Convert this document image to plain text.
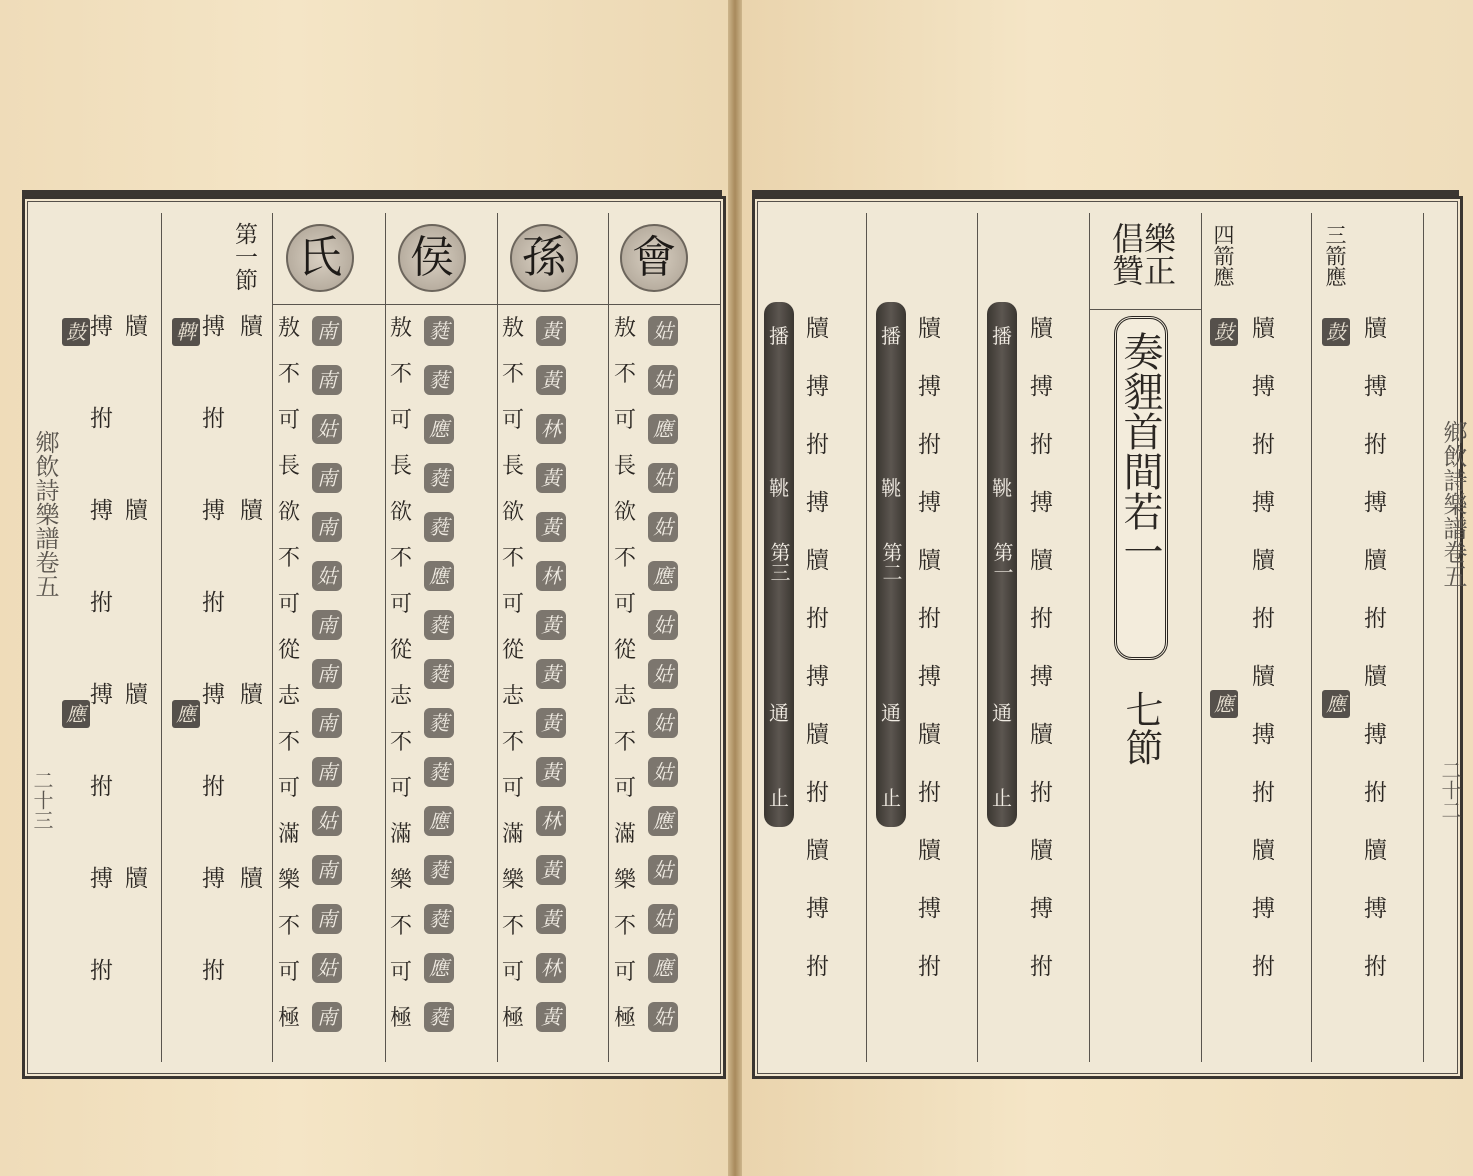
鄉飲詩樂譜卷五
二十三
會
孫
侯
氏
第一節
鼓 搏
拊
搏
拊
搏
拊
搏
拊
牘
牘
牘
牘
應
鞞 搏
拊
搏
拊
搏
拊
搏
拊
牘
牘
牘
牘
應
敖
不
可
長
欲
不
可
從
志
不
可
滿
樂
不
可
極
敖
不
可
長
欲
不
可
從
志
不
可
滿
樂
不
可
極
敖
不
可
長
欲
不
可
從
志
不
可
滿
樂
不
可
極
敖
不
可
長
欲
不
可
從
志
不
可
滿
樂
不
可
極
南
南
姑
南
南
姑
南
南
南
南
姑
南
南
姑
南
蕤
蕤
應
蕤
蕤
應
蕤
蕤
蕤
蕤
應
蕤
蕤
應
蕤
黃
黃
林
黃
黃
林
黃
黃
黃
黃
林
黃
黃
林
黃
姑
姑
應
姑
姑
應
姑
姑
姑
姑
應
姑
姑
應
姑
鄉飲詩樂譜卷五
二十二
樂正倡贊
奏貍首間若一
七節
三箭應
四箭應
鼓
應
鼓
應
牘
搏
拊
搏
牘
拊
牘
搏
拊
牘
搏
拊
牘
搏
拊
搏
牘
拊
牘
搏
拊
牘
搏
拊
牘
搏
拊
搏
牘
拊
搏
牘
拊
牘
搏
拊
牘
搏
拊
搏
牘
拊
搏
牘
拊
牘
搏
拊
牘
搏
拊
搏
牘
拊
搏
牘
拊
牘
搏
拊
播
鞉
第一
通
止
播
鞉
第二
通
止
播
鞉
第三
通
止
